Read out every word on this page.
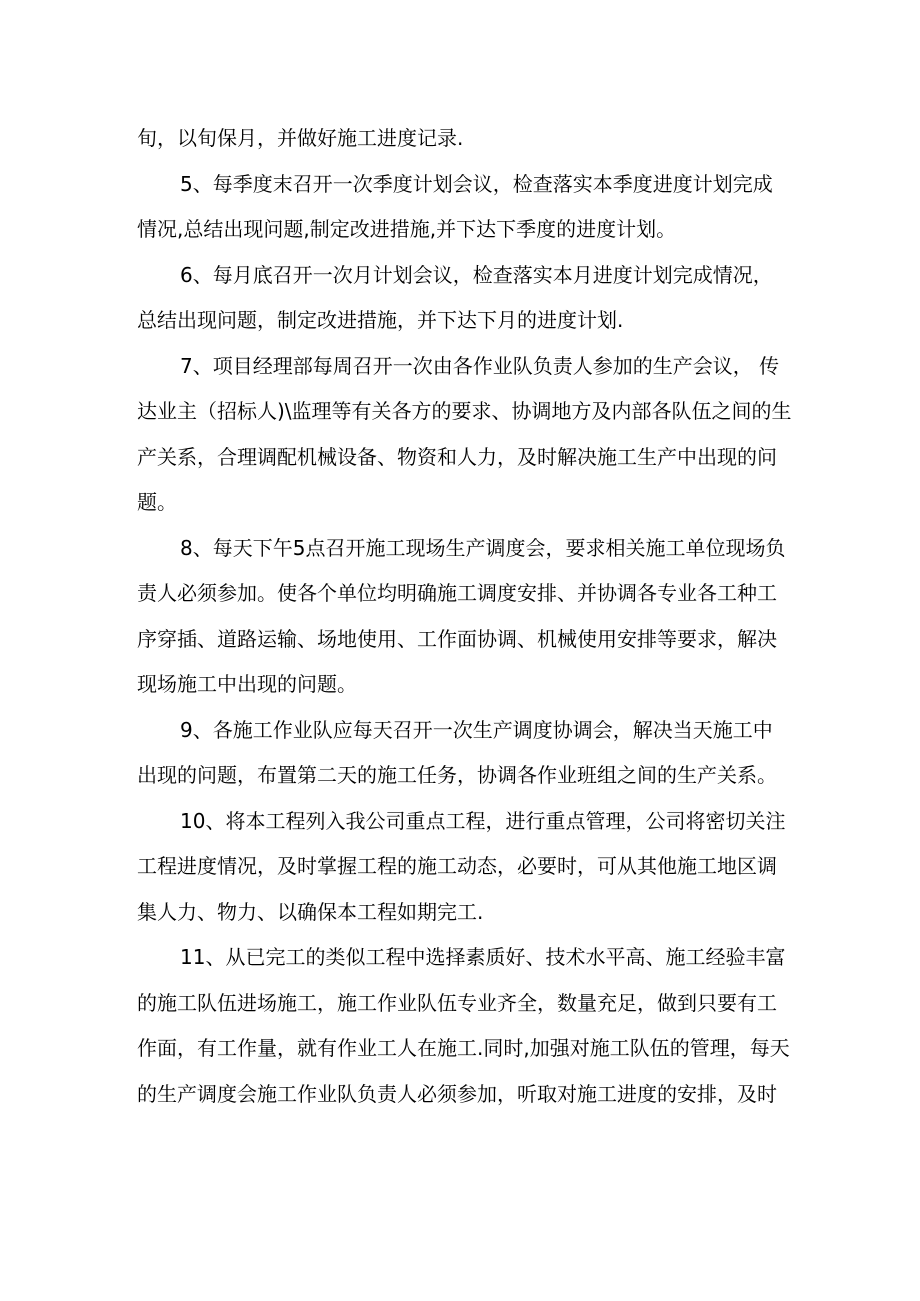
旬，以旬保月，并做好施工进度记录.

5、每季度末召开一次季度计划会议，检查落实本季度进度计划完成
情况,总结出现问题,制定改进措施,并下达下季度的进度计划。

6、每月底召开一次月计划会议，检查落实本月进度计划完成情况，
总结出现问题，制定改进措施，并下达下月的进度计划.

7、项目经理部每周召开一次由各作业队负责人参加的生产会议， 传
达业主（招标人)\监理等有关各方的要求、协调地方及内部各队伍之间的生
产关系，合理调配机械设备、物资和人力，及时解决施工生产中出现的问
题。

8、每天下午5点召开施工现场生产调度会，要求相关施工单位现场负
责人必须参加。使各个单位均明确施工调度安排、并协调各专业各工种工
序穿插、道路运输、场地使用、工作面协调、机械使用安排等要求，解决
现场施工中出现的问题。

9、各施工作业队应每天召开一次生产调度协调会，解决当天施工中
出现的问题，布置第二天的施工任务，协调各作业班组之间的生产关系。

10、将本工程列入我公司重点工程，进行重点管理，公司将密切关注
工程进度情况，及时掌握工程的施工动态，必要时，可从其他施工地区调
集人力、物力、以确保本工程如期完工.

11、从已完工的类似工程中选择素质好、技术水平高、施工经验丰富
的施工队伍进场施工，施工作业队伍专业齐全，数量充足，做到只要有工
作面，有工作量，就有作业工人在施工.同时,加强对施工队伍的管理，每天
的生产调度会施工作业队负责人必须参加，听取对施工进度的安排，及时
